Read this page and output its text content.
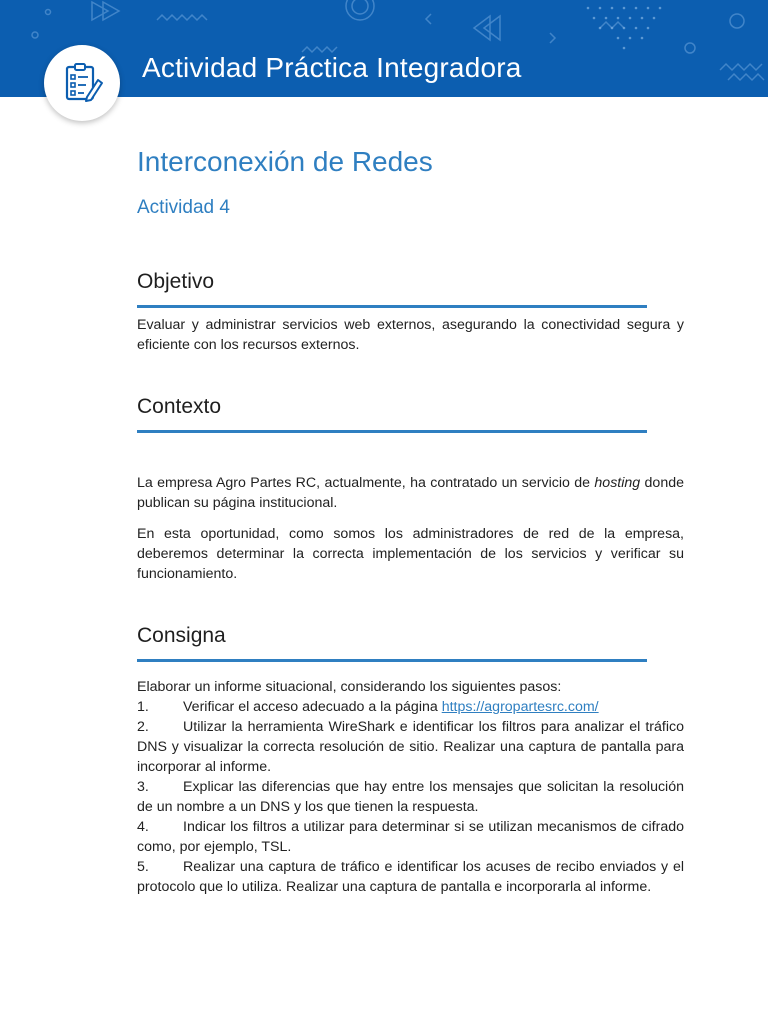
Actividad Práctica Integradora
Interconexión de Redes
Actividad 4
Objetivo

Evaluar y administrar servicios web externos, asegurando la conectividad segura y eficiente con los recursos externos.

Contexto

La empresa Agro Partes RC, actualmente, ha contratado un servicio de hosting donde publican su página institucional.

En esta oportunidad, como somos los administradores de red de la empresa, deberemos determinar la correcta implementación de los servicios y verificar su funcionamiento.

Consigna

Elaborar un informe situacional, considerando los siguientes pasos:

1. Verificar el acceso adecuado a la página https://agropartesrc.com/

2. Utilizar la herramienta WireShark e identificar los filtros para analizar el tráfico DNS y visualizar la correcta resolución de sitio. Realizar una captura de pantalla para incorporar al informe.

3. Explicar las diferencias que hay entre los mensajes que solicitan la resolución de un nombre a un DNS y los que tienen la respuesta.

4. Indicar los filtros a utilizar para determinar si se utilizan mecanismos de cifrado como, por ejemplo, TSL.

5. Realizar una captura de tráfico e identificar los acuses de recibo enviados y el protocolo que lo utiliza. Realizar una captura de pantalla e incorporarla al informe.
